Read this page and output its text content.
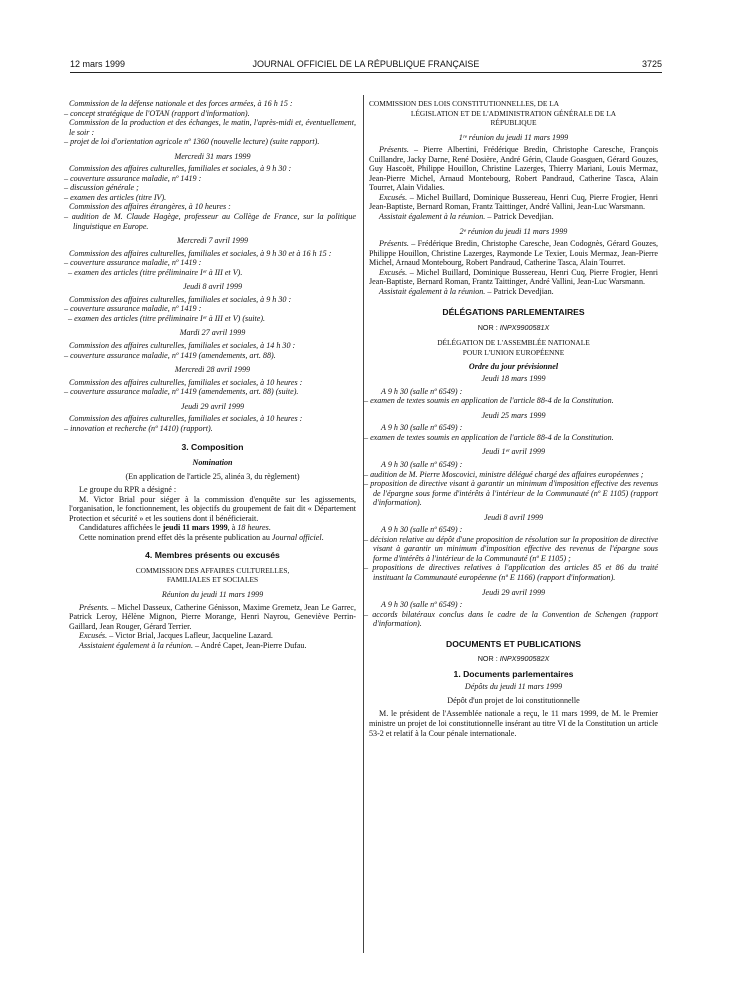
12 mars 1999	JOURNAL OFFICIEL DE LA RÉPUBLIQUE FRANÇAISE	3725

Commission de la défense nationale et des forces armées, à 16 h 15 :

– concept stratégique de l'OTAN (rapport d'information).

Commission de la production et des échanges, le matin, l'après-midi et, éventuellement, le soir :

– projet de loi d'orientation agricole nº 1360 (nouvelle lecture) (suite rapport).

Mercredi 31 mars 1999

Commission des affaires culturelles, familiales et sociales, à 9 h 30 :

– couverture assurance maladie, nº 1419 :

– discussion générale ;

– examen des articles (titre IV).

Commission des affaires étrangères, à 10 heures :

– audition de M. Claude Hagège, professeur au Collège de France, sur la politique linguistique en Europe.

Mercredi 7 avril 1999

Commission des affaires culturelles, familiales et sociales, à 9 h 30 et à 16 h 15 :

– couverture assurance maladie, nº 1419 :

– examen des articles (titre préliminaire Iᵉʳ à III et V).

Jeudi 8 avril 1999

Commission des affaires culturelles, familiales et sociales, à 9 h 30 :

– couverture assurance maladie, nº 1419 :

– examen des articles (titre préliminaire Iᵉʳ à III et V) (suite).

Mardi 27 avril 1999

Commission des affaires culturelles, familiales et sociales, à 14 h 30 :

– couverture assurance maladie, nº 1419 (amendements, art. 88).

Mercredi 28 avril 1999

Commission des affaires culturelles, familiales et sociales, à 10 heures :

– couverture assurance maladie, nº 1419 (amendements, art. 88) (suite).

Jeudi 29 avril 1999

Commission des affaires culturelles, familiales et sociales, à 10 heures :

– innovation et recherche (nº 1410) (rapport).

3. Composition

Nomination

(En application de l'article 25, alinéa 3, du règlement)

Le groupe du RPR a désigné :

M. Victor Brial pour siéger à la commission d'enquête sur les agissements, l'organisation, le fonctionnement, les objectifs du groupement de fait dit « Département Protection et sécurité » et les soutiens dont il bénéficierait.

Candidatures affichées le jeudi 11 mars 1999, à 18 heures.

Cette nomination prend effet dès la présente publication au Journal officiel.

4. Membres présents ou excusés

COMMISSION DES AFFAIRES CULTURELLES,

FAMILIALES ET SOCIALES

Réunion du jeudi 11 mars 1999

Présents. – Michel Dasseux, Catherine Génisson, Maxime Gremetz, Jean Le Garrec, Patrick Leroy, Hélène Mignon, Pierre Morange, Henri Nayrou, Geneviève Perrin-Gaillard, Jean Rouger, Gérard Terrier.

Excusés. – Victor Brial, Jacques Lafleur, Jacqueline Lazard.

Assistaient également à la réunion. – André Capet, Jean-Pierre Dufau.

COMMISSION DES LOIS CONSTITUTIONNELLES, DE LA

LÉGISLATION ET DE L'ADMINISTRATION GÉNÉRALE DE LA

RÉPUBLIQUE

1ʳᵉ réunion du jeudi 11 mars 1999

Présents. – Pierre Albertini, Frédérique Bredin, Christophe Caresche, François Cuillandre, Jacky Darne, René Dosière, André Gérin, Claude Goasguen, Gérard Gouzes, Guy Hascoët, Philippe Houillon, Christine Lazerges, Thierry Mariani, Louis Mermaz, Jean-Pierre Michel, Arnaud Montebourg, Robert Pandraud, Catherine Tasca, Alain Tourret, Alain Vidalies.

Excusés. – Michel Buillard, Dominique Bussereau, Henri Cuq, Pierre Frogier, Henri Jean-Baptiste, Bernard Roman, Frantz Taittinger, André Vallini, Jean-Luc Warsmann.

Assistait également à la réunion. – Patrick Devedjian.

2ᵉ réunion du jeudi 11 mars 1999

Présents. – Frédérique Bredin, Christophe Caresche, Jean Codognès, Gérard Gouzes, Philippe Houillon, Christine Lazerges, Raymonde Le Texier, Louis Mermaz, Jean-Pierre Michel, Arnaud Montebourg, Robert Pandraud, Catherine Tasca, Alain Tourret.

Excusés. – Michel Buillard, Dominique Bussereau, Henri Cuq, Pierre Frogier, Henri Jean-Baptiste, Bernard Roman, Frantz Taittinger, André Vallini, Jean-Luc Warsmann.

Assistait également à la réunion. – Patrick Devedjian.

DÉLÉGATIONS PARLEMENTAIRES

NOR : INPX9900581X

DÉLÉGATION DE L'ASSEMBLÉE NATIONALE

POUR L'UNION EUROPÉENNE

Ordre du jour prévisionnel

Jeudi 18 mars 1999

A 9 h 30 (salle nº 6549) :

– examen de textes soumis en application de l'article 88-4 de la Constitution.

Jeudi 25 mars 1999

A 9 h 30 (salle nº 6549) :

– examen de textes soumis en application de l'article 88-4 de la Constitution.

Jeudi 1ᵉʳ avril 1999

A 9 h 30 (salle nº 6549) :

– audition de M. Pierre Moscovici, ministre délégué chargé des affaires européennes ;

– proposition de directive visant à garantir un minimum d'imposition effective des revenus de l'épargne sous forme d'intérêts à l'intérieur de la Communauté (nº E 1105) (rapport d'information).

Jeudi 8 avril 1999

A 9 h 30 (salle nº 6549) :

– décision relative au dépôt d'une proposition de résolution sur la proposition de directive visant à garantir un minimum d'imposition effective des revenus de l'épargne sous forme d'intérêts à l'intérieur de la Communauté (nº E 1105) ;

– propositions de directives relatives à l'application des articles 85 et 86 du traité instituant la Communauté européenne (nº E 1166) (rapport d'information).

Jeudi 29 avril 1999

A 9 h 30 (salle nº 6549) :

– accords bilatéraux conclus dans le cadre de la Convention de Schengen (rapport d'information).

DOCUMENTS ET PUBLICATIONS

NOR : INPX9900582X

1. Documents parlementaires

Dépôts du jeudi 11 mars 1999

Dépôt d'un projet de loi constitutionnelle

M. le président de l'Assemblée nationale a reçu, le 11 mars 1999, de M. le Premier ministre un projet de loi constitutionnelle insérant au titre VI de la Constitution un article 53-2 et relatif à la Cour pénale internationale.
